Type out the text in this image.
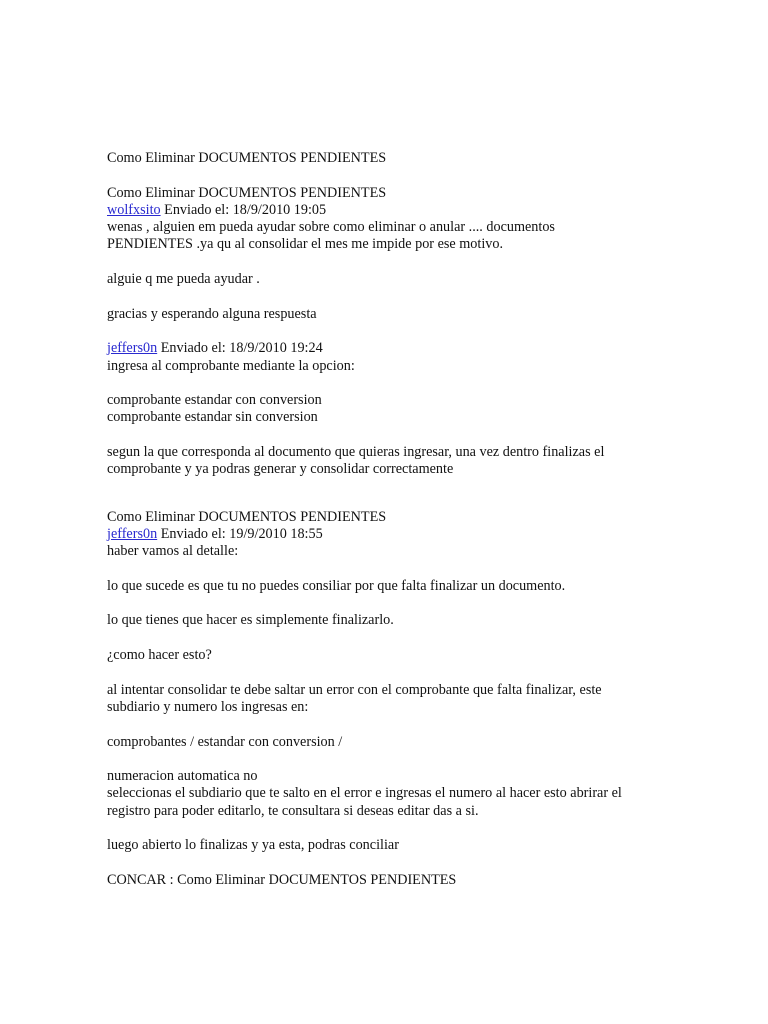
Como Eliminar DOCUMENTOS PENDIENTES
Como Eliminar DOCUMENTOS PENDIENTES
wolfxsito Enviado el: 18/9/2010 19:05
wenas , alguien em pueda ayudar sobre como eliminar o anular .... documentos
PENDIENTES .ya qu al consolidar el mes me impide por ese motivo.
alguie q me pueda ayudar .
gracias y esperando alguna respuesta
jeffers0n Enviado el: 18/9/2010 19:24
ingresa al comprobante mediante la opcion:
comprobante estandar con conversion
comprobante estandar sin conversion
segun la que corresponda al documento que quieras ingresar, una vez dentro finalizas el
comprobante y ya podras generar y consolidar correctamente
Como Eliminar DOCUMENTOS PENDIENTES
jeffers0n Enviado el: 19/9/2010 18:55
haber vamos al detalle:
lo que sucede es que tu no puedes consiliar por que falta finalizar un documento.
lo que tienes que hacer es simplemente finalizarlo.
¿como hacer esto?
al intentar consolidar te debe saltar un error con el comprobante que falta finalizar, este
subdiario y numero los ingresas en:
comprobantes / estandar con conversion /
numeracion automatica no
seleccionas el subdiario que te salto en el error e ingresas el numero al hacer esto abrirar el
registro para poder editarlo, te consultara si deseas editar das a si.
luego abierto lo finalizas y ya esta, podras conciliar
CONCAR : Como Eliminar DOCUMENTOS PENDIENTES
